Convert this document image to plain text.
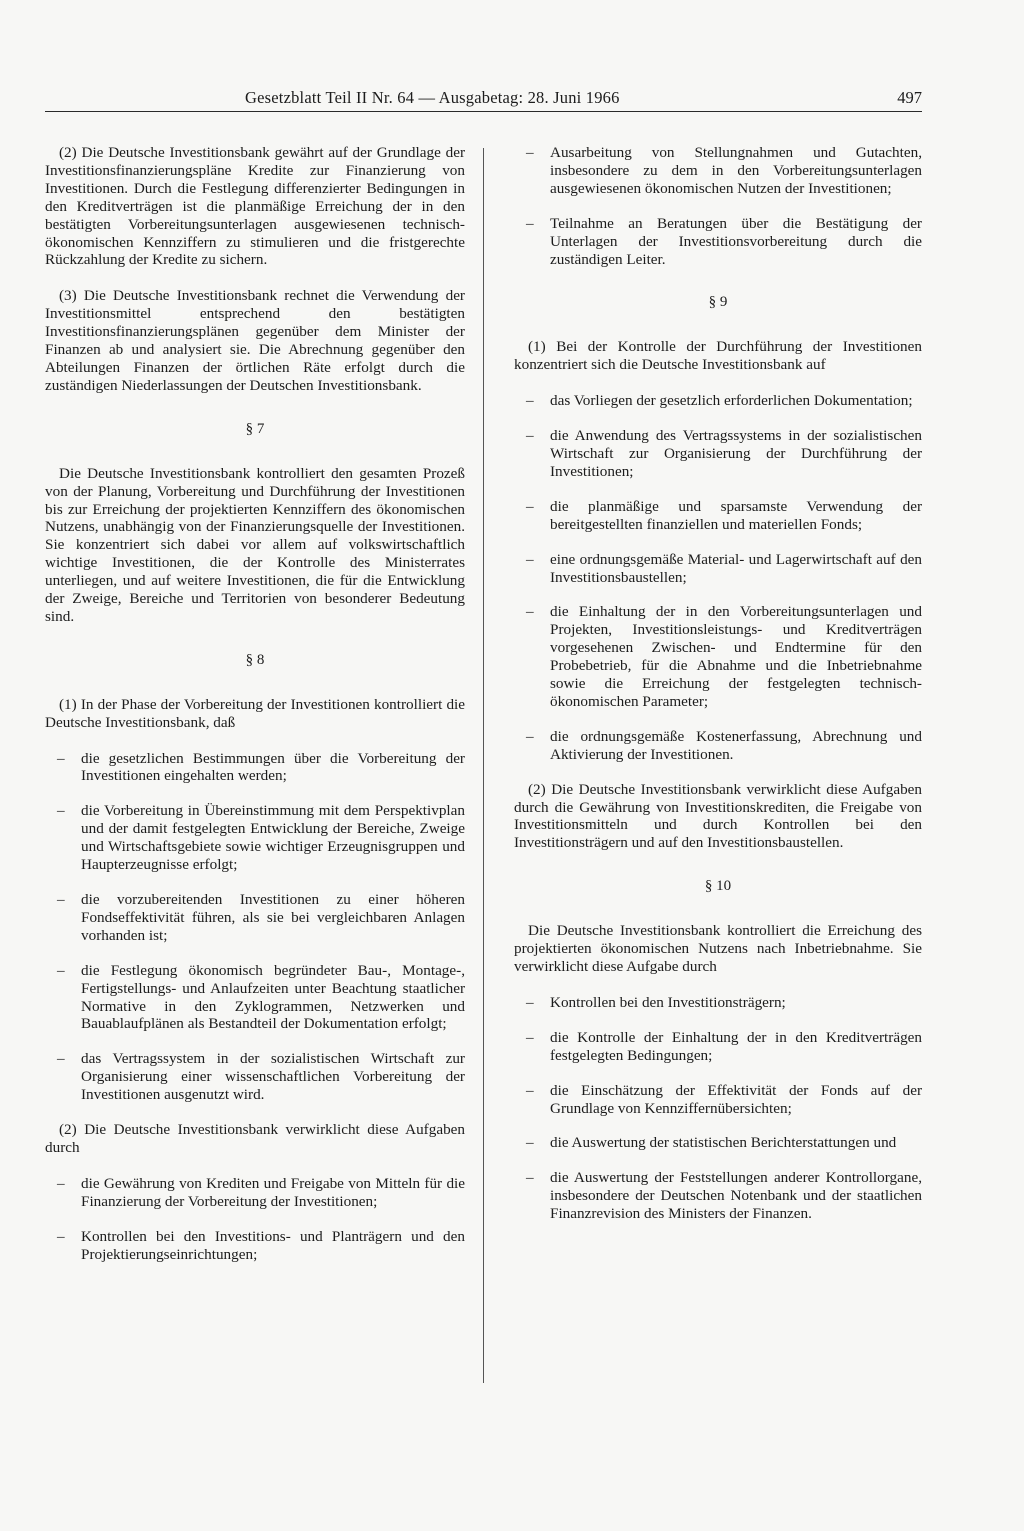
Gesetzblatt Teil II Nr. 64 — Ausgabetag: 28. Juni 1966	497

(2) Die Deutsche Investitionsbank gewährt auf der Grundlage der Investitionsfinanzierungspläne Kredite zur Finanzierung von Investitionen. Durch die Festlegung differenzierter Bedingungen in den Kreditverträgen ist die planmäßige Erreichung der in den bestätigten Vorbereitungsunterlagen ausgewiesenen technisch-ökonomischen Kennziffern zu stimulieren und die fristgerechte Rückzahlung der Kredite zu sichern.

(3) Die Deutsche Investitionsbank rechnet die Verwendung der Investitionsmittel entsprechend den bestätigten Investitionsfinanzierungsplänen gegenüber dem Minister der Finanzen ab und analysiert sie. Die Abrechnung gegenüber den Abteilungen Finanzen der örtlichen Räte erfolgt durch die zuständigen Niederlassungen der Deutschen Investitionsbank.

§ 7

Die Deutsche Investitionsbank kontrolliert den gesamten Prozeß von der Planung, Vorbereitung und Durchführung der Investitionen bis zur Erreichung der projektierten Kennziffern des ökonomischen Nutzens, unabhängig von der Finanzierungsquelle der Investitionen. Sie konzentriert sich dabei vor allem auf volkswirtschaftlich wichtige Investitionen, die der Kontrolle des Ministerrates unterliegen, und auf weitere Investitionen, die für die Entwicklung der Zweige, Bereiche und Territorien von besonderer Bedeutung sind.

§ 8

(1) In der Phase der Vorbereitung der Investitionen kontrolliert die Deutsche Investitionsbank, daß

– die gesetzlichen Bestimmungen über die Vorbereitung der Investitionen eingehalten werden;
– die Vorbereitung in Übereinstimmung mit dem Perspektivplan und der damit festgelegten Entwicklung der Bereiche, Zweige und Wirtschaftsgebiete sowie wichtiger Erzeugnisgruppen und Haupterzeugnisse erfolgt;
– die vorzubereitenden Investitionen zu einer höheren Fondseffektivität führen, als sie bei vergleichbaren Anlagen vorhanden ist;
– die Festlegung ökonomisch begründeter Bau-, Montage-, Fertigstellungs- und Anlaufzeiten unter Beachtung staatlicher Normative in den Zyklogrammen, Netzwerken und Bauablaufplänen als Bestandteil der Dokumentation erfolgt;
– das Vertragssystem in der sozialistischen Wirtschaft zur Organisierung einer wissenschaftlichen Vorbereitung der Investitionen ausgenutzt wird.

(2) Die Deutsche Investitionsbank verwirklicht diese Aufgaben durch

– die Gewährung von Krediten und Freigabe von Mitteln für die Finanzierung der Vorbereitung der Investitionen;
– Kontrollen bei den Investitions- und Planträgern und den Projektierungseinrichtungen;
– Ausarbeitung von Stellungnahmen und Gutachten, insbesondere zu dem in den Vorbereitungsunterlagen ausgewiesenen ökonomischen Nutzen der Investitionen;
– Teilnahme an Beratungen über die Bestätigung der Unterlagen der Investitionsvorbereitung durch die zuständigen Leiter.

§ 9

(1) Bei der Kontrolle der Durchführung der Investitionen konzentriert sich die Deutsche Investitionsbank auf

– das Vorliegen der gesetzlich erforderlichen Dokumentation;
– die Anwendung des Vertragssystems in der sozialistischen Wirtschaft zur Organisierung der Durchführung der Investitionen;
– die planmäßige und sparsamste Verwendung der bereitgestellten finanziellen und materiellen Fonds;
– eine ordnungsgemäße Material- und Lagerwirtschaft auf den Investitionsbaustellen;
– die Einhaltung der in den Vorbereitungsunterlagen und Projekten, Investitionsleistungs- und Kreditverträgen vorgesehenen Zwischen- und Endtermine für den Probebetrieb, für die Abnahme und die Inbetriebnahme sowie die Erreichung der festgelegten technisch-ökonomischen Parameter;
– die ordnungsgemäße Kostenerfassung, Abrechnung und Aktivierung der Investitionen.

(2) Die Deutsche Investitionsbank verwirklicht diese Aufgaben durch die Gewährung von Investitionskrediten, die Freigabe von Investitionsmitteln und durch Kontrollen bei den Investitionsträgern und auf den Investitionsbaustellen.

§ 10

Die Deutsche Investitionsbank kontrolliert die Erreichung des projektierten ökonomischen Nutzens nach Inbetriebnahme. Sie verwirklicht diese Aufgabe durch

– Kontrollen bei den Investitionsträgern;
– die Kontrolle der Einhaltung der in den Kreditverträgen festgelegten Bedingungen;
– die Einschätzung der Effektivität der Fonds auf der Grundlage von Kennziffernübersichten;
– die Auswertung der statistischen Berichterstattungen und
– die Auswertung der Feststellungen anderer Kontrollorgane, insbesondere der Deutschen Notenbank und der staatlichen Finanzrevision des Ministers der Finanzen.
